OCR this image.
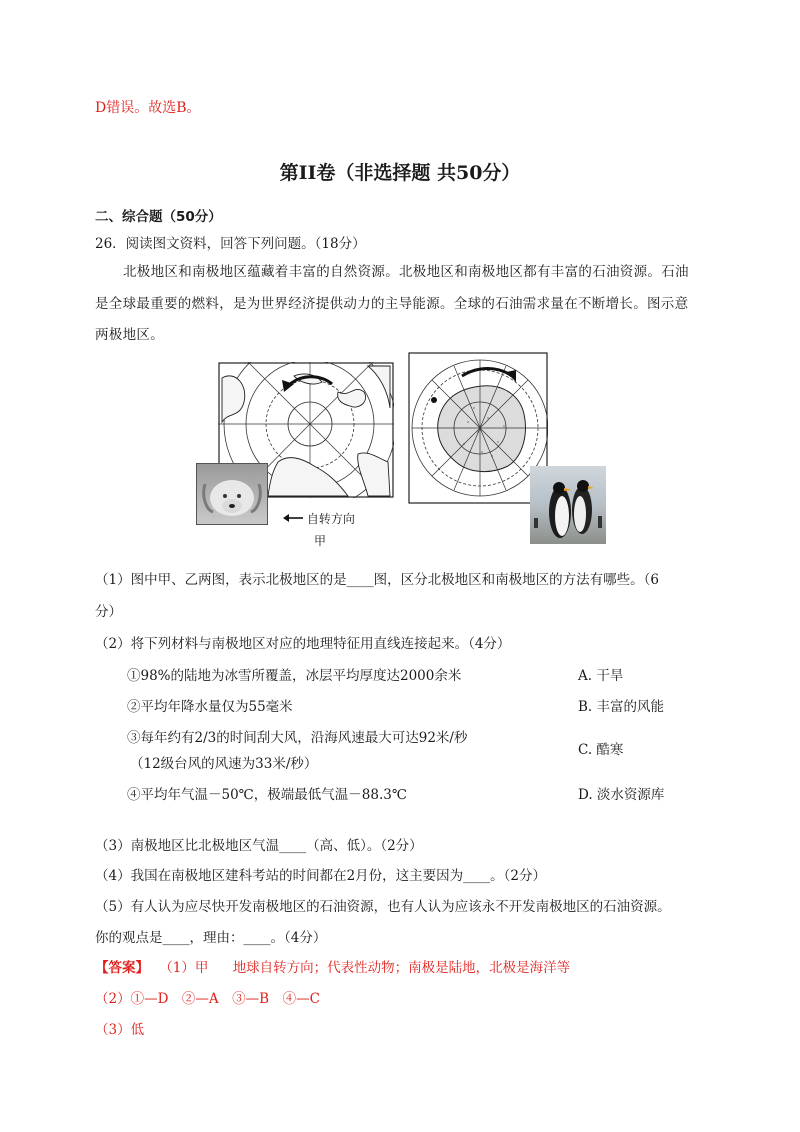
D错误。故选B。
第II卷（非选择题 共50分）
二、综合题（50分）
26．阅读图文资料，回答下列问题。（18分）
北极地区和南极地区蕴藏着丰富的自然资源。北极地区和南极地区都有丰富的石油资源。石油
是全球最重要的燃料，是为世界经济提供动力的主导能源。全球的石油需求量在不断增长。图示意
两极地区。
自转方向
甲
（1）图中甲、乙两图，表示北极地区的是____图，区分北极地区和南极地区的方法有哪些。（6
分）
（2）将下列材料与南极地区对应的地理特征用直线连接起来。（4分）
①98%的陆地为冰雪所覆盖，冰层平均厚度达2000余米
②平均年降水量仅为55毫米
③每年约有2/3的时间刮大风，沿海风速最大可达92米/秒
（12级台风的风速为33米/秒）
④平均年气温－50℃，极端最低气温－88.3℃
A. 干旱
B. 丰富的风能
C. 酷寒
D. 淡水资源库
（3）南极地区比北极地区气温____（高、低）。（2分）
（4）我国在南极地区建科考站的时间都在2月份，这主要因为____。（2分）
（5）有人认为应尽快开发南极地区的石油资源，也有人认为应该永不开发南极地区的石油资源。
你的观点是____，理由：____。（4分）
【答案】 （1）甲 地球自转方向；代表性动物；南极是陆地，北极是海洋等
（2）①—D　②—A　③—B　④—C
（3）低
